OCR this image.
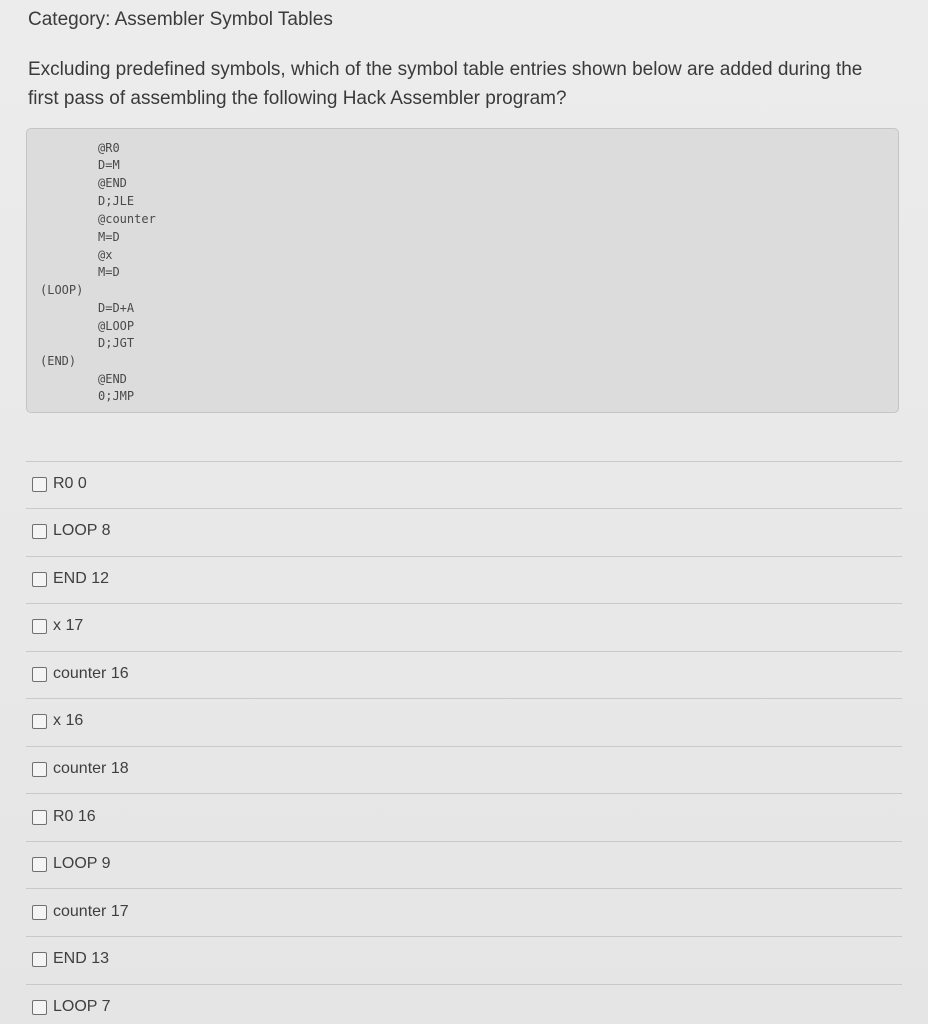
Category: Assembler Symbol Tables
Excluding predefined symbols, which of the symbol table entries shown below are added during the first pass of assembling the following Hack Assembler program?
@R0
D=M
@END
D;JLE
@counter
M=D
@x
M=D
(LOOP)
D=D+A
@LOOP
D;JGT
(END)
@END
0;JMP
R0 0
LOOP 8
END 12
x 17
counter 16
x 16
counter 18
R0 16
LOOP 9
counter 17
END 13
LOOP 7
